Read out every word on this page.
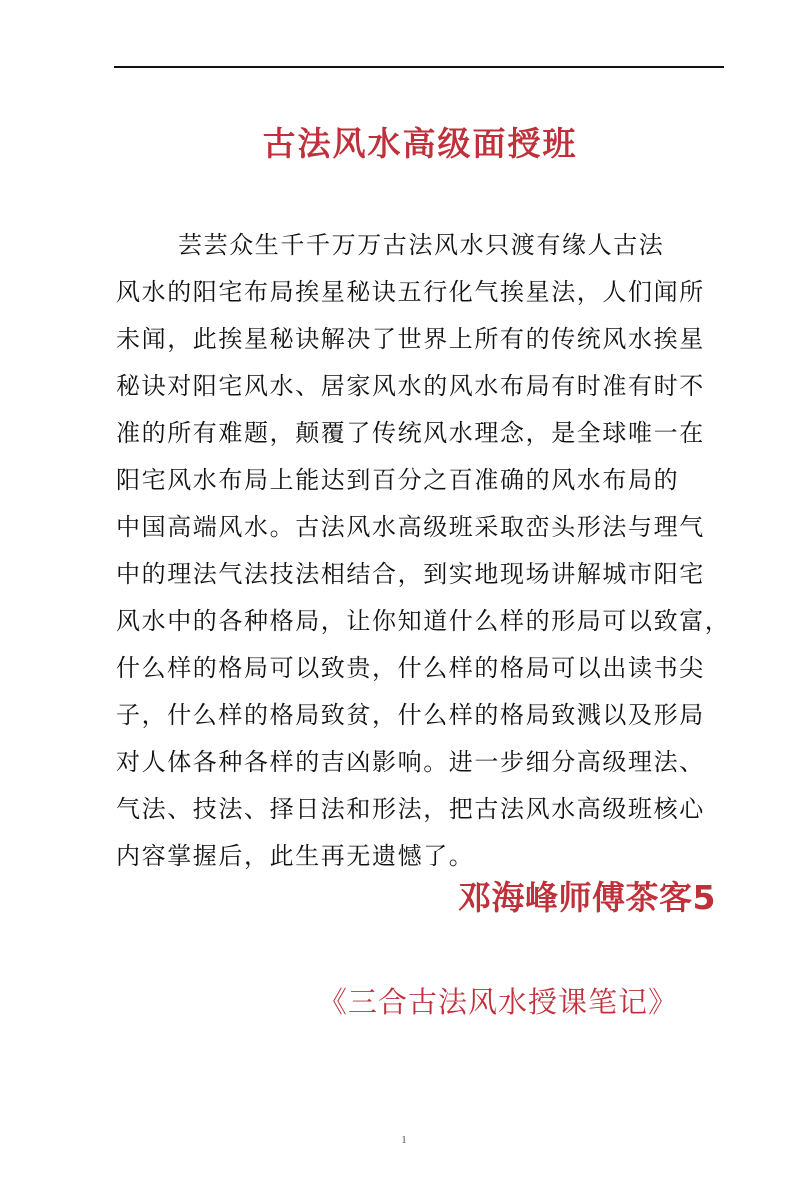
古法风水高级面授班
芸芸众生千千万万古法风水只渡有缘人古法
风水的阳宅布局挨星秘诀五行化气挨星法，人们闻所
未闻，此挨星秘诀解决了世界上所有的传统风水挨星
秘诀对阳宅风水、居家风水的风水布局有时准有时不
准的所有难题，颠覆了传统风水理念，是全球唯一在
阳宅风水布局上能达到百分之百准确的风水布局的
中国高端风水。古法风水高级班采取峦头形法与理气
中的理法气法技法相结合，到实地现场讲解城市阳宅
风水中的各种格局，让你知道什么样的形局可以致富，
什么样的格局可以致贵，什么样的格局可以出读书尖
子，什么样的格局致贫，什么样的格局致溅以及形局
对人体各种各样的吉凶影响。进一步细分高级理法、
气法、技法、择日法和形法，把古法风水高级班核心
内容掌握后，此生再无遗憾了。
邓海峰师傅茶客5
《三合古法风水授课笔记》
1
